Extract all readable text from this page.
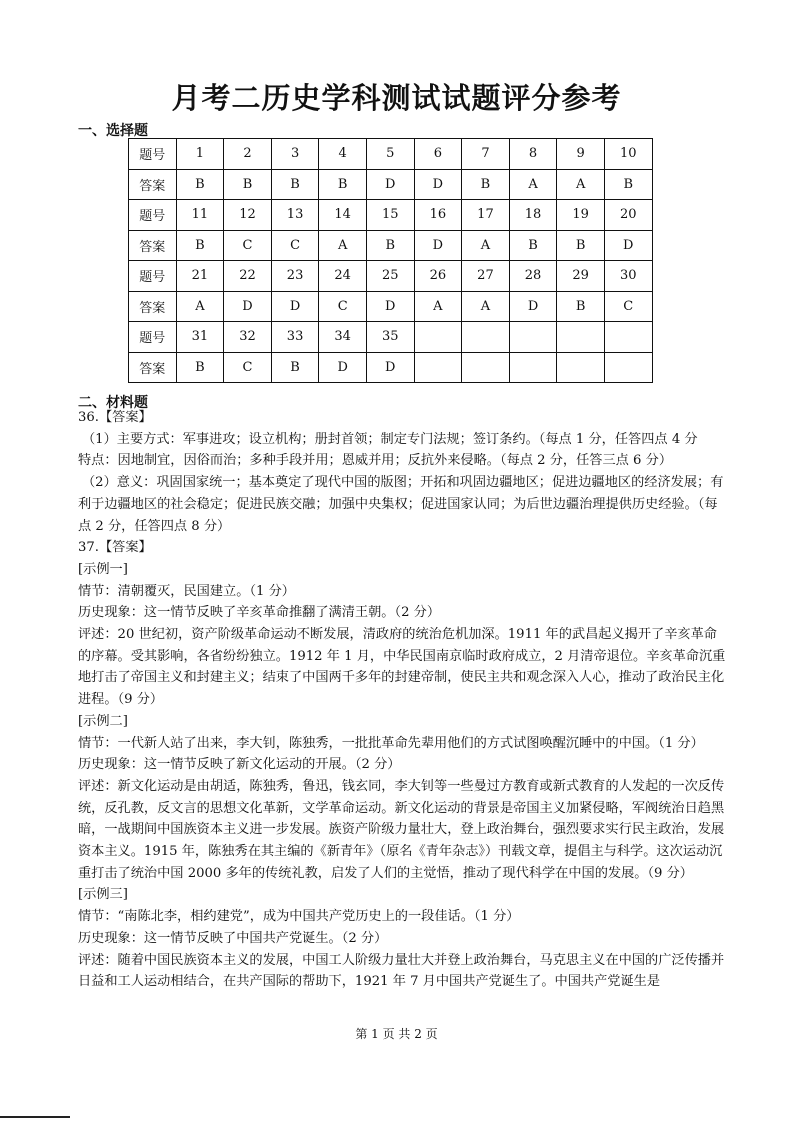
月考二历史学科测试试题评分参考
一、选择题
题号	1	2	3	4	5	6	7	8	9	10
答案	B	B	B	B	D	D	B	A	A	B
题号	11	12	13	14	15	16	17	18	19	20
答案	B	C	C	A	B	D	A	B	B	D
题号	21	22	23	24	25	26	27	28	29	30
答案	A	D	D	C	D	A	A	D	B	C
题号	31	32	33	34	35					
答案	B	C	B	D	D					
二、材料题

36.【答案】

（1）主要方式：军事进攻；设立机构；册封首领；制定专门法规；签订条约。（每点 1 分，任答四点 4 分

特点：因地制宜，因俗而治；多种手段并用；恩威并用；反抗外来侵略。（每点 2 分，任答三点 6 分）

（2）意义：巩固国家统一；基本奠定了现代中国的版图；开拓和巩固边疆地区；促进边疆地区的经济发展；有利于边疆地区的社会稳定；促进民族交融；加强中央集权；促进国家认同；为后世边疆治理提供历史经验。（每点 2 分，任答四点 8 分）

37.【答案】

[示例一]

情节：清朝覆灭，民国建立。（1 分）

历史现象：这一情节反映了辛亥革命推翻了满清王朝。（2 分）

评述：20 世纪初，资产阶级革命运动不断发展，清政府的统治危机加深。1911 年的武昌起义揭开了辛亥革命的序幕。受其影响，各省纷纷独立。1912 年 1 月，中华民国南京临时政府成立，2 月清帝退位。辛亥革命沉重地打击了帝国主义和封建主义；结束了中国两千多年的封建帝制，使民主共和观念深入人心，推动了政治民主化进程。（9 分）

[示例二]

情节：一代新人站了出来，李大钊，陈独秀，一批批革命先辈用他们的方式试图唤醒沉睡中的中国。（1 分）

历史现象：这一情节反映了新文化运动的开展。（2 分）

评述：新文化运动是由胡适，陈独秀，鲁迅，钱玄同，李大钊等一些曼过方教育或新式教育的人发起的一次反传统，反孔教，反文言的思想文化革新，文学革命运动。新文化运动的背景是帝国主义加紧侵略，军阀统治日趋黑暗，一战期间中国族资本主义进一步发展。族资产阶级力量壮大，登上政治舞台，强烈要求实行民主政治，发展资本主义。1915 年，陈独秀在其主编的《新青年》（原名《青年杂志》）刊载文章，提倡主与科学。这次运动沉重打击了统治中国 2000 多年的传统礼教，启发了人们的主觉悟，推动了现代科学在中国的发展。（9 分）

[示例三]

情节：“南陈北李，相约建党”，成为中国共产党历史上的一段佳话。（1 分）

历史现象：这一情节反映了中国共产党诞生。（2 分）

评述：随着中国民族资本主义的发展，中国工人阶级力量壮大并登上政治舞台，马克思主义在中国的广泛传播并日益和工人运动相结合，在共产国际的帮助下，1921 年 7 月中国共产党诞生了。中国共产党诞生是

第 1 页 共 2 页
